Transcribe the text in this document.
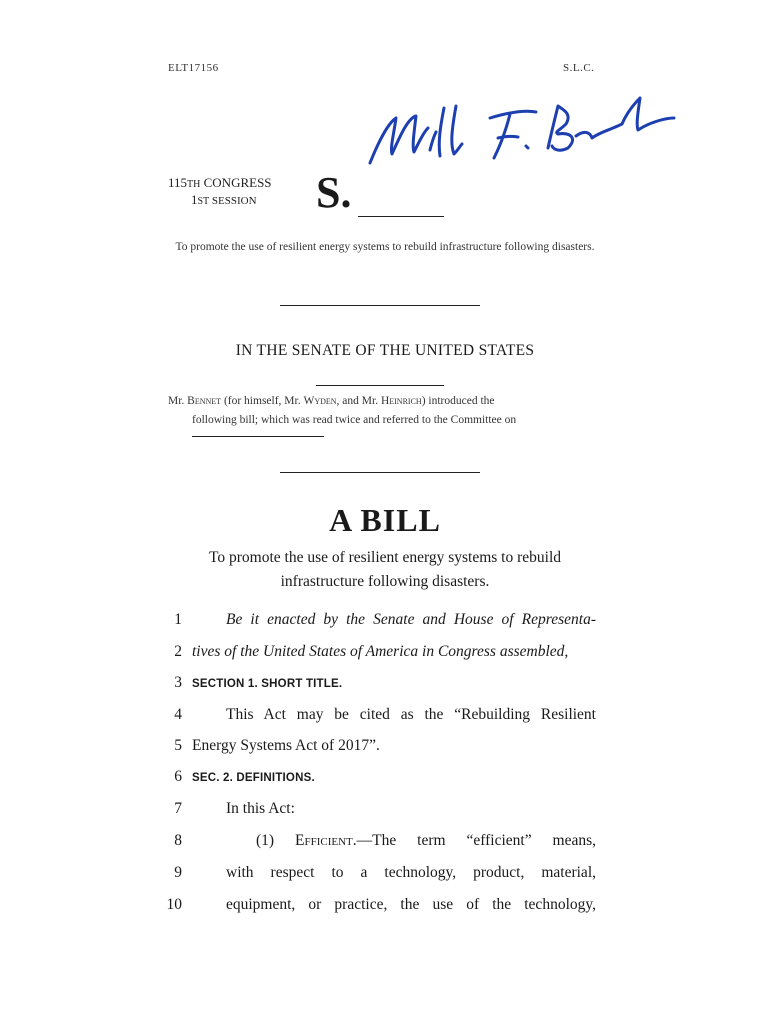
ELT17156	S.L.C.
115TH CONGRESS
1ST SESSION	S.
To promote the use of resilient energy systems to rebuild infrastructure following disasters.
IN THE SENATE OF THE UNITED STATES
Mr. Bennet (for himself, Mr. Wyden, and Mr. Heinrich) introduced the
following bill; which was read twice and referred to the Committee on
A BILL
To promote the use of resilient energy systems to rebuild
infrastructure following disasters.
1	Be it enacted by the Senate and House of Representa-
2 tives of the United States of America in Congress assembled,
3 SECTION 1. SHORT TITLE.
4	This Act may be cited as the “Rebuilding Resilient
5 Energy Systems Act of 2017”.
6 SEC. 2. DEFINITIONS.
7	In this Act:
8	(1) Efficient.—The term “efficient” means,
9	with respect to a technology, product, material,
10	equipment, or practice, the use of the technology,
